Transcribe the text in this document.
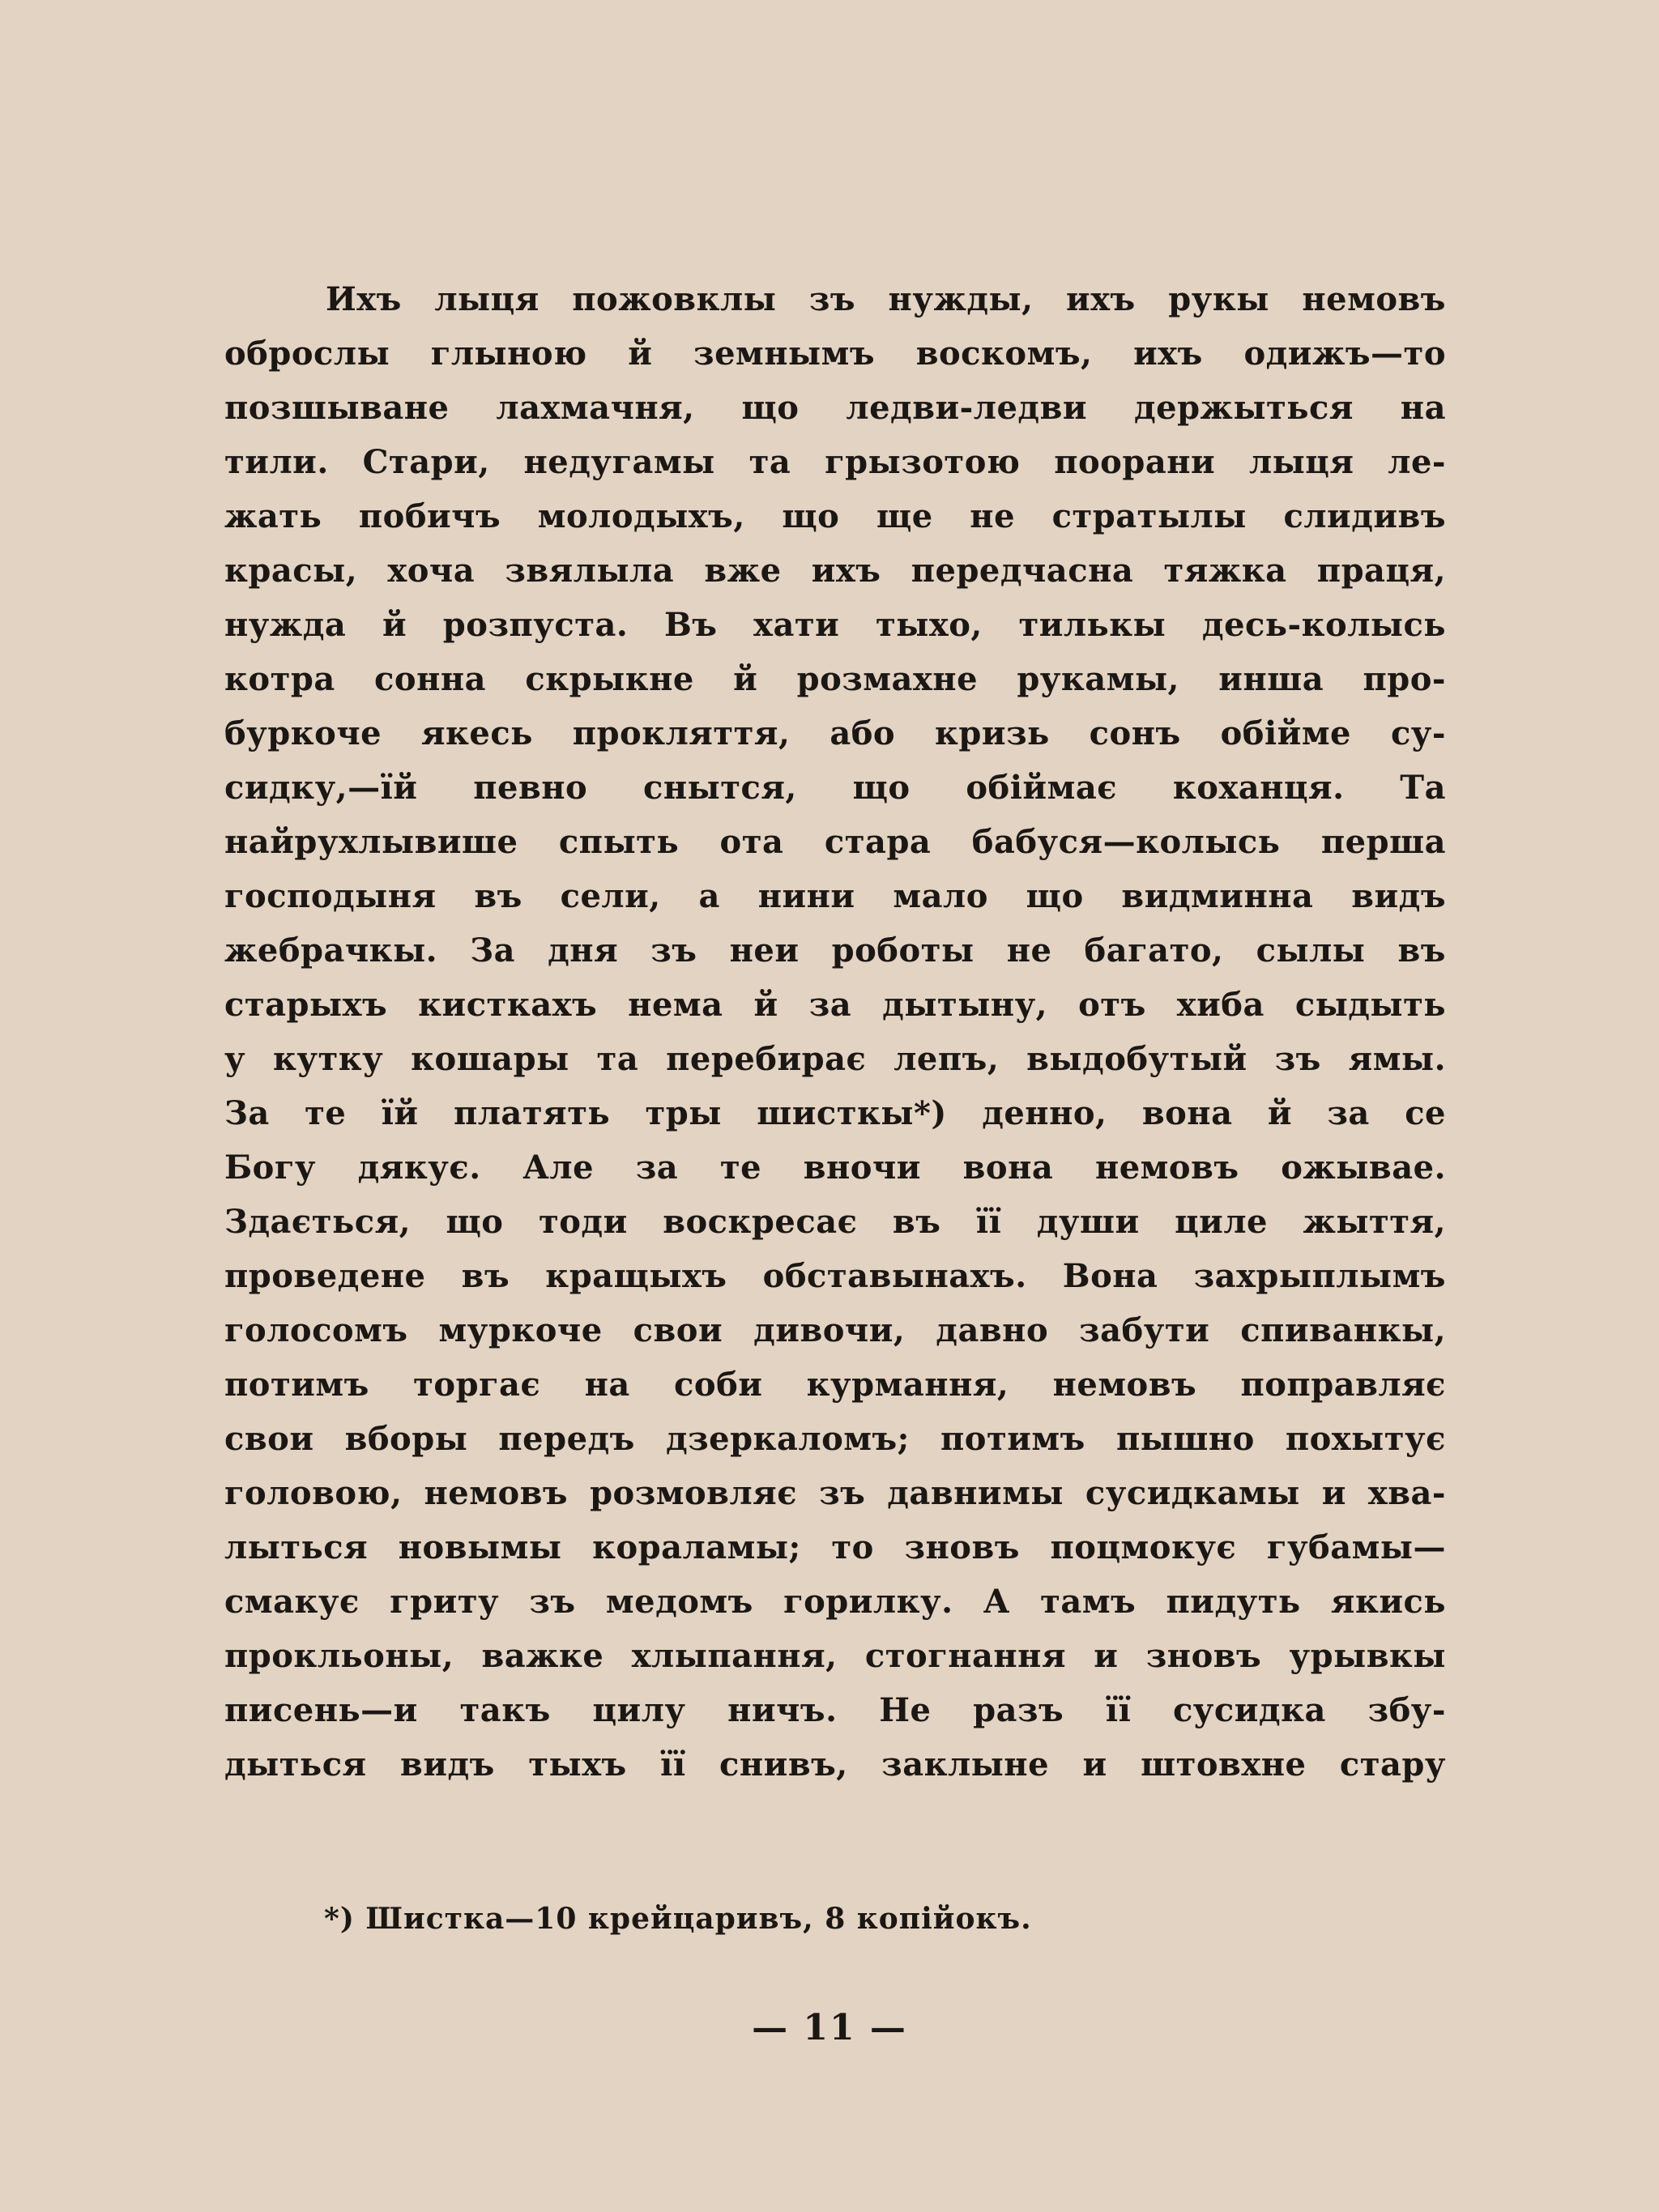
Ихъ лыця пожовклы зъ нужды, ихъ рукы немовъ
оброслы глыною й земнымъ воскомъ, ихъ одижъ—то
позшыване лахмачня, що ледви-ледви держыться на
тили. Стари, недугамы та грызотою поорани лыця ле-
жать побичъ молодыхъ, що ще не стратылы слидивъ
красы, хоча звялыла вже ихъ передчасна тяжка праця,
нужда й розпуста. Въ хати тыхо, тилькы десь-колысь
котра сонна скрыкне й розмахне рукамы, инша про-
буркоче якесь прокляття, або кризь сонъ обійме су-
сидку,—їй певно снытся, що обіймає коханця. Та
найрухлывише спыть ота стара бабуся—колысь перша
господыня въ сели, а нини мало що видминна видъ
жебрачкы. За дня зъ неи роботы не багато, сылы въ
старыхъ кисткахъ нема й за дытыну, отъ хиба сыдыть
у кутку кошары та перебирає лепъ, выдобутый зъ ямы.
За те їй платять тры шисткы*) денно, вона й за се
Богу дякує. Але за те вночи вона немовъ ожывае.
Здається, що тоди воскресає въ її души циле жыття,
проведене въ кращыхъ обставынахъ. Вона захрыплымъ
голосомъ муркоче свои дивочи, давно забути спиванкы,
потимъ торгає на соби курмання, немовъ поправляє
свои вборы передъ дзеркаломъ; потимъ пышно похытує
головою, немовъ розмовляє зъ давнимы сусидкамы и хва-
лыться новымы кораламы; то зновъ поцмокує губамы—
смакує гриту зъ медомъ горилку. А тамъ пидуть якись
прокльоны, важке хлыпання, стогнання и зновъ урывкы
писень—и такъ цилу ничъ. Не разъ її сусидка збу-
дыться видъ тыхъ її снивъ, заклыне и штовхне стару
*) Шистка—10 крейцаривъ, 8 копійокъ.
— 11 —
